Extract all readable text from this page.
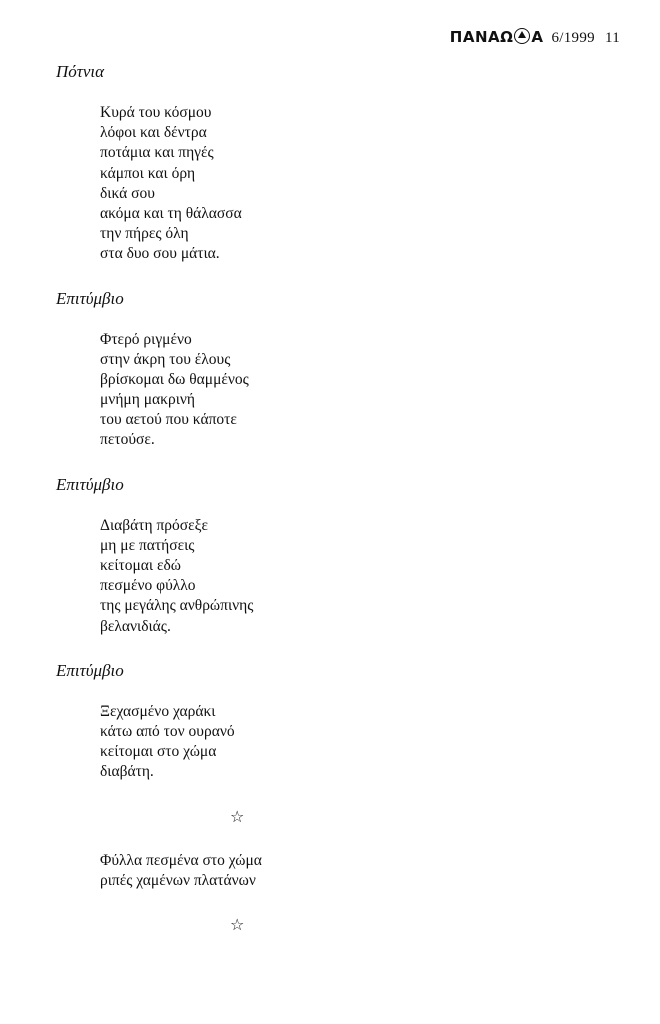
ΠΑΝΑΩ Α 6/1999 11
Πότνια
Κυρά του κόσμου
λόφοι και δέντρα
ποτάμια και πηγές
κάμποι και όρη
δικά σου
ακόμα και τη θάλασσα
την πήρες όλη
στα δυο σου μάτια.
Επιτύμβιο
Φτερό ριγμένο
στην άκρη του έλους
βρίσκομαι δω θαμμένος
μνήμη μακρινή
του αετού που κάποτε
πετούσε.
Επιτύμβιο
Διαβάτη πρόσεξε
μη με πατήσεις
κείτομαι εδώ
πεσμένο φύλλο
της μεγάλης ανθρώπινης
βελανιδιάς.
Επιτύμβιο
Ξεχασμένο χαράκι
κάτω από τον ουρανό
κείτομαι στο χώμα
διαβάτη.
☆
Φύλλα πεσμένα στο χώμα
ριπές χαμένων πλατάνων
☆
